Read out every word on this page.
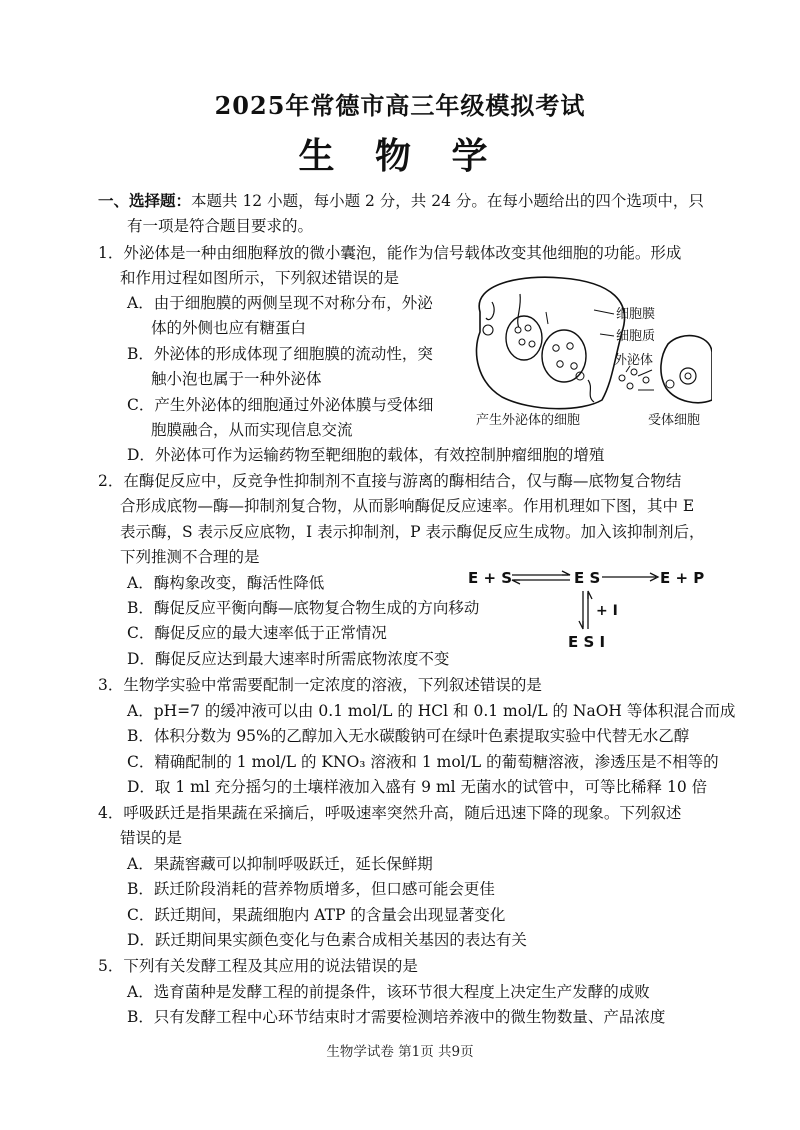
2025年常德市高三年级模拟考试
生 物 学
一、选择题：本题共 12 小题，每小题 2 分，共 24 分。在每小题给出的四个选项中，只
有一项是符合题目要求的。
1．外泌体是一种由细胞释放的微小囊泡，能作为信号载体改变其他细胞的功能。形成
和作用过程如图所示，下列叙述错误的是
A．由于细胞膜的两侧呈现不对称分布，外泌
体的外侧也应有糖蛋白
B．外泌体的形成体现了细胞膜的流动性，突
触小泡也属于一种外泌体
C．产生外泌体的细胞通过外泌体膜与受体细
胞膜融合，从而实现信息交流
D．外泌体可作为运输药物至靶细胞的载体，有效控制肿瘤细胞的增殖
细胞膜
细胞质
外泌体
产生外泌体的细胞	受体细胞
2．在酶促反应中，反竞争性抑制剂不直接与游离的酶相结合，仅与酶—底物复合物结
合形成底物—酶—抑制剂复合物，从而影响酶促反应速率。作用机理如下图，其中 E
表示酶，S 表示反应底物，I 表示抑制剂，P 表示酶促反应生成物。加入该抑制剂后，
下列推测不合理的是
A．酶构象改变，酶活性降低
B．酶促反应平衡向酶—底物复合物生成的方向移动
C．酶促反应的最大速率低于正常情况
D．酶促反应达到最大速率时所需底物浓度不变
E + S	E S	E + P
+ I
E S I
3．生物学实验中常需要配制一定浓度的溶液，下列叙述错误的是
A．pH=7 的缓冲液可以由 0.1 mol/L 的 HCl 和 0.1 mol/L 的 NaOH 等体积混合而成
B．体积分数为 95%的乙醇加入无水碳酸钠可在绿叶色素提取实验中代替无水乙醇
C．精确配制的 1 mol/L 的 KNO₃ 溶液和 1 mol/L 的葡萄糖溶液，渗透压是不相等的
D．取 1 ml 充分摇匀的土壤样液加入盛有 9 ml 无菌水的试管中，可等比稀释 10 倍
4．呼吸跃迁是指果蔬在采摘后，呼吸速率突然升高，随后迅速下降的现象。下列叙述
错误的是
A．果蔬窖藏可以抑制呼吸跃迁，延长保鲜期
B．跃迁阶段消耗的营养物质增多，但口感可能会更佳
C．跃迁期间，果蔬细胞内 ATP 的含量会出现显著变化
D．跃迁期间果实颜色变化与色素合成相关基因的表达有关
5．下列有关发酵工程及其应用的说法错误的是
A．选育菌种是发酵工程的前提条件，该环节很大程度上决定生产发酵的成败
B．只有发酵工程中心环节结束时才需要检测培养液中的微生物数量、产品浓度
生物学试卷 第1页 共9页
